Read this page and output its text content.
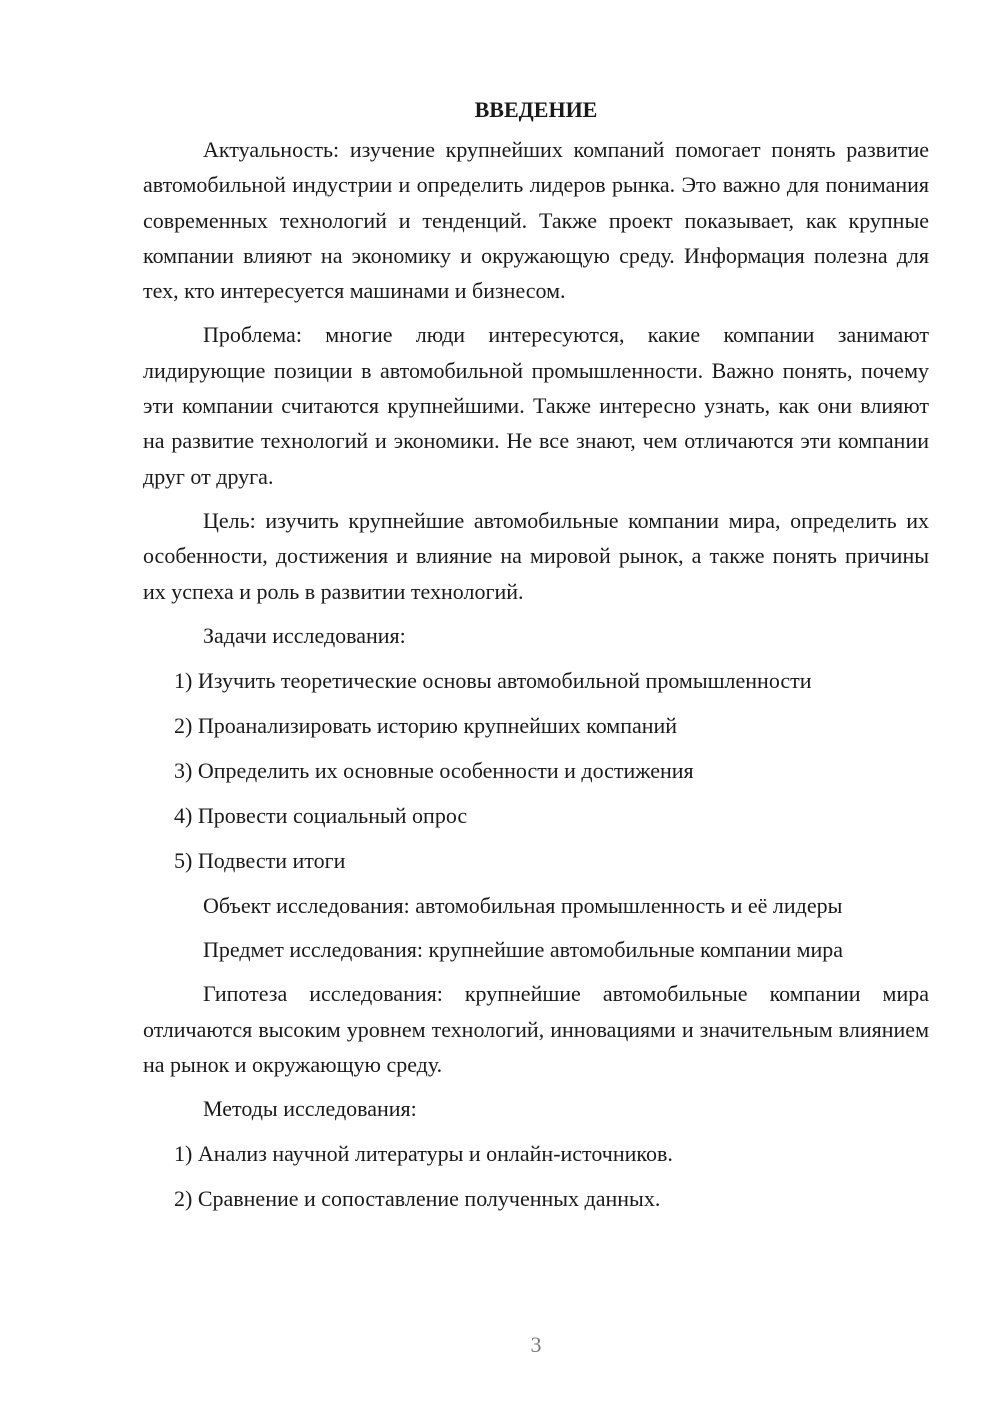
ВВЕДЕНИЕ

Актуальность: изучение крупнейших компаний помогает понять развитие автомобильной индустрии и определить лидеров рынка. Это важно для понимания современных технологий и тенденций. Также проект показывает, как крупные компании влияют на экономику и окружающую среду. Информация полезна для тех, кто интересуется машинами и бизнесом.

Проблема: многие люди интересуются, какие компании занимают лидирующие позиции в автомобильной промышленности. Важно понять, почему эти компании считаются крупнейшими. Также интересно узнать, как они влияют на развитие технологий и экономики. Не все знают, чем отличаются эти компании друг от друга.

Цель: изучить крупнейшие автомобильные компании мира, определить их особенности, достижения и влияние на мировой рынок, а также понять причины их успеха и роль в развитии технологий.

Задачи исследования:
1) Изучить теоретические основы автомобильной промышленности
2) Проанализировать историю крупнейших компаний
3) Определить их основные особенности и достижения
4) Провести социальный опрос
5) Подвести итоги

Объект исследования: автомобильная промышленность и её лидеры

Предмет исследования: крупнейшие автомобильные компании мира

Гипотеза исследования: крупнейшие автомобильные компании мира отличаются высоким уровнем технологий, инновациями и значительным влиянием на рынок и окружающую среду.

Методы исследования:
1) Анализ научной литературы и онлайн-источников.
2) Сравнение и сопоставление полученных данных.
3
